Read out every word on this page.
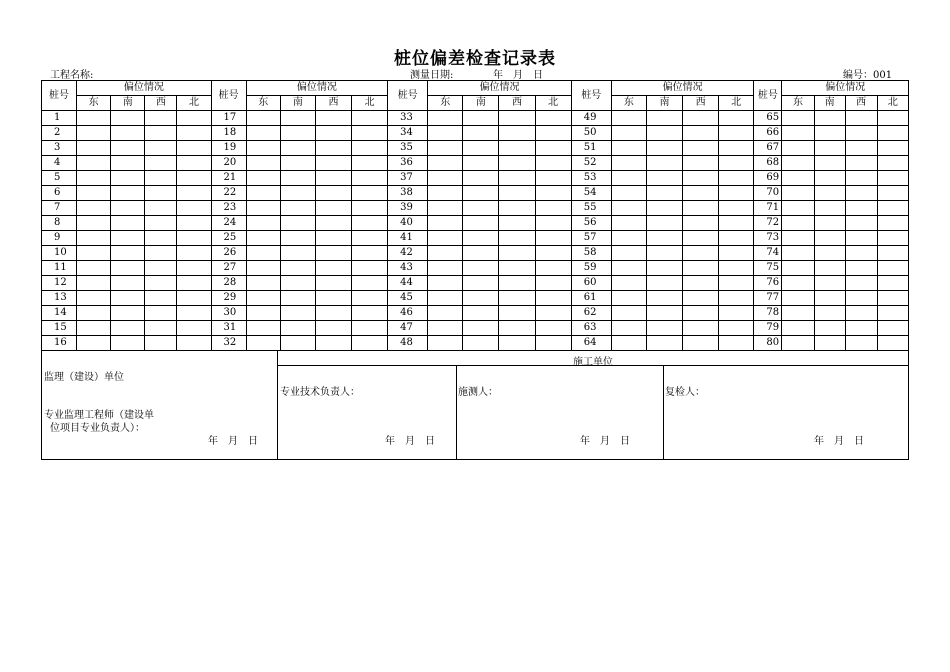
桩位偏差检查记录表
工程名称:	测量日期:	年　月　日	编号：001
桩号	偏位情况				桩号	偏位情况				桩号	偏位情况				桩号	偏位情况				桩号	偏位情况			
	东	南	西	北		东	南	西	北		东	南	西	北		东	南	西	北		东	南	西	北
1					17					33					49					65				
2					18					34					50					66				
3					19					35					51					67				
4					20					36					52					68				
5					21					37					53					69				
6					22					38					54					70				
7					23					39					55					71				
8					24					40					56					72				
9					25					41					57					73				
10					26					42					58					74				
11					27					43					59					75				
12					28					44					60					76				
13					29					45					61					77				
14					30					46					62					78				
15					31					47					63					79				
16					32					48					64					80				
施工单位
监理（建设）单位
专业监理工程师（建设单
位项目专业负责人）：
专业技术负责人：	施测人：	复检人：
年　月　日	年　月　日	年　月　日	年　月　日
